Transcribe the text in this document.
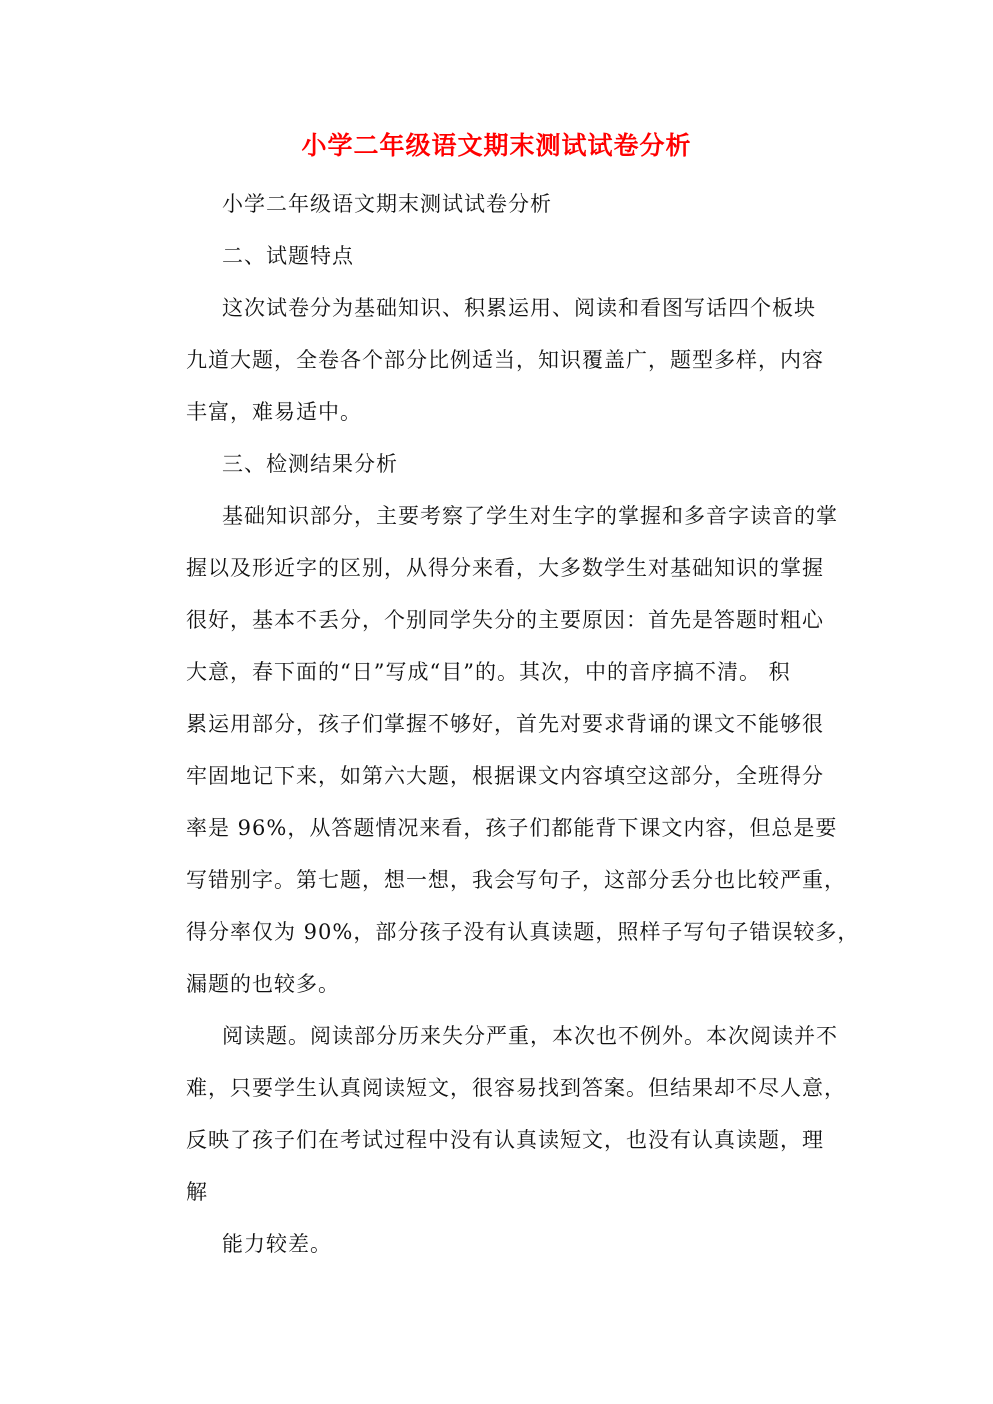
小学二年级语文期末测试试卷分析
小学二年级语文期末测试试卷分析
二、试题特点
这次试卷分为基础知识、积累运用、阅读和看图写话四个板块
九道大题，全卷各个部分比例适当，知识覆盖广，题型多样，内容
丰富，难易适中。
三、检测结果分析
基础知识部分，主要考察了学生对生字的掌握和多音字读音的掌
握以及形近字的区别，从得分来看，大多数学生对基础知识的掌握
很好，基本不丢分，个别同学失分的主要原因：首先是答题时粗心
大意，春下面的“日”写成“目”的。其次，中的音序搞不清。 积
累运用部分，孩子们掌握不够好，首先对要求背诵的课文不能够很
牢固地记下来，如第六大题，根据课文内容填空这部分，全班得分
率是 96%，从答题情况来看，孩子们都能背下课文内容，但总是要
写错别字。第七题，想一想，我会写句子，这部分丢分也比较严重，
得分率仅为 90%，部分孩子没有认真读题，照样子写句子错误较多，
漏题的也较多。
阅读题。阅读部分历来失分严重，本次也不例外。本次阅读并不
难，只要学生认真阅读短文，很容易找到答案。但结果却不尽人意，
反映了孩子们在考试过程中没有认真读短文，也没有认真读题，理
解
能力较差。
